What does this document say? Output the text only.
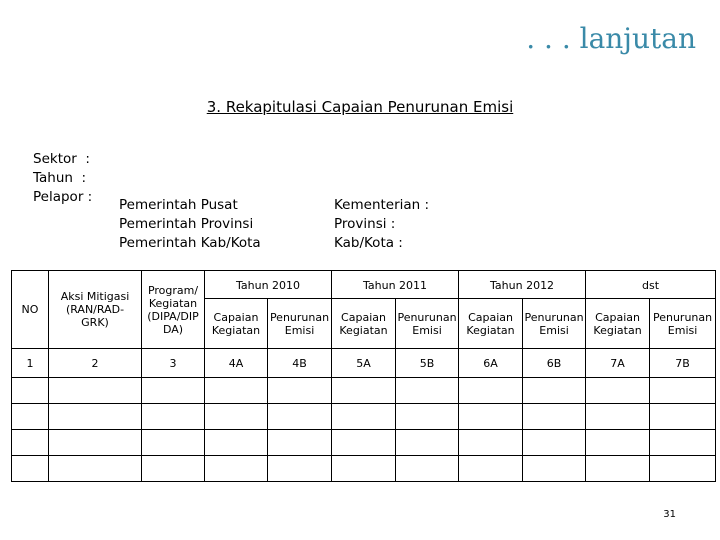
. . . lanjutan
3. Rekapitulasi Capaian Penurunan Emisi
Sektor  :
Tahun  :
Pelapor : Pemerintah Pusat
Pemerintah Provinsi
Pemerintah Kab/Kota
Kementerian :
Provinsi :
Kab/Kota :
NO	Aksi Mitigasi (RAN/RAD-GRK)	Program/ Kegiatan (DIPA/DIP DA)	Tahun 2010		Tahun 2011		Tahun 2012		dst	
			Capaian Kegiatan	Penurunan Emisi	Capaian Kegiatan	Penurunan Emisi	Capaian Kegiatan	Penurunan Emisi	Capaian Kegiatan	Penurunan Emisi
1	2	3	4A	4B	5A	5B	6A	6B	7A	7B

31
